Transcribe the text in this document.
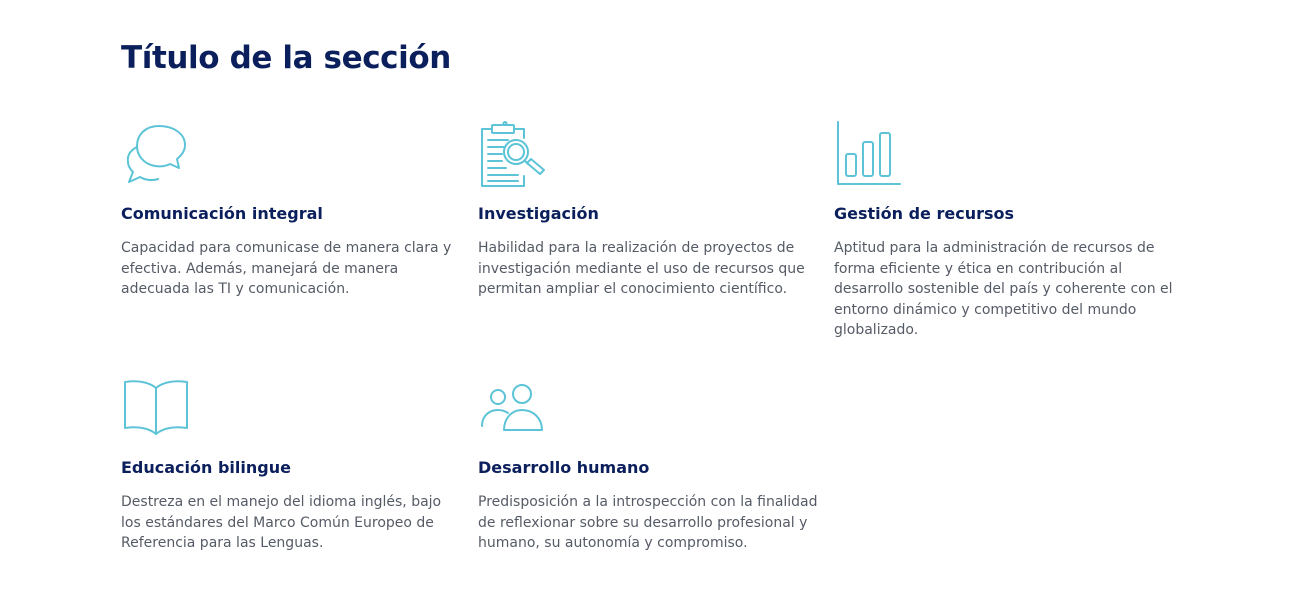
Título de la sección
Comunicación integral

Capacidad para comunicase de manera clara y efectiva. Además, manejará de manera adecuada las TI y comunicación.

Investigación

Habilidad para la realización de proyectos de investigación mediante el uso de recursos que permitan ampliar el conocimiento científico.

Gestión de recursos

Aptitud para la administración de recursos de forma eficiente y ética en contribución al desarrollo sostenible del país y coherente con el entorno dinámico y competitivo del mundo globalizado.

Educación bilingue

Destreza en el manejo del idioma inglés, bajo los estándares del Marco Común Europeo de Referencia para las Lenguas.

Desarrollo humano

Predisposición a la introspección con la finalidad de reflexionar sobre su desarrollo profesional y humano, su autonomía y compromiso.
